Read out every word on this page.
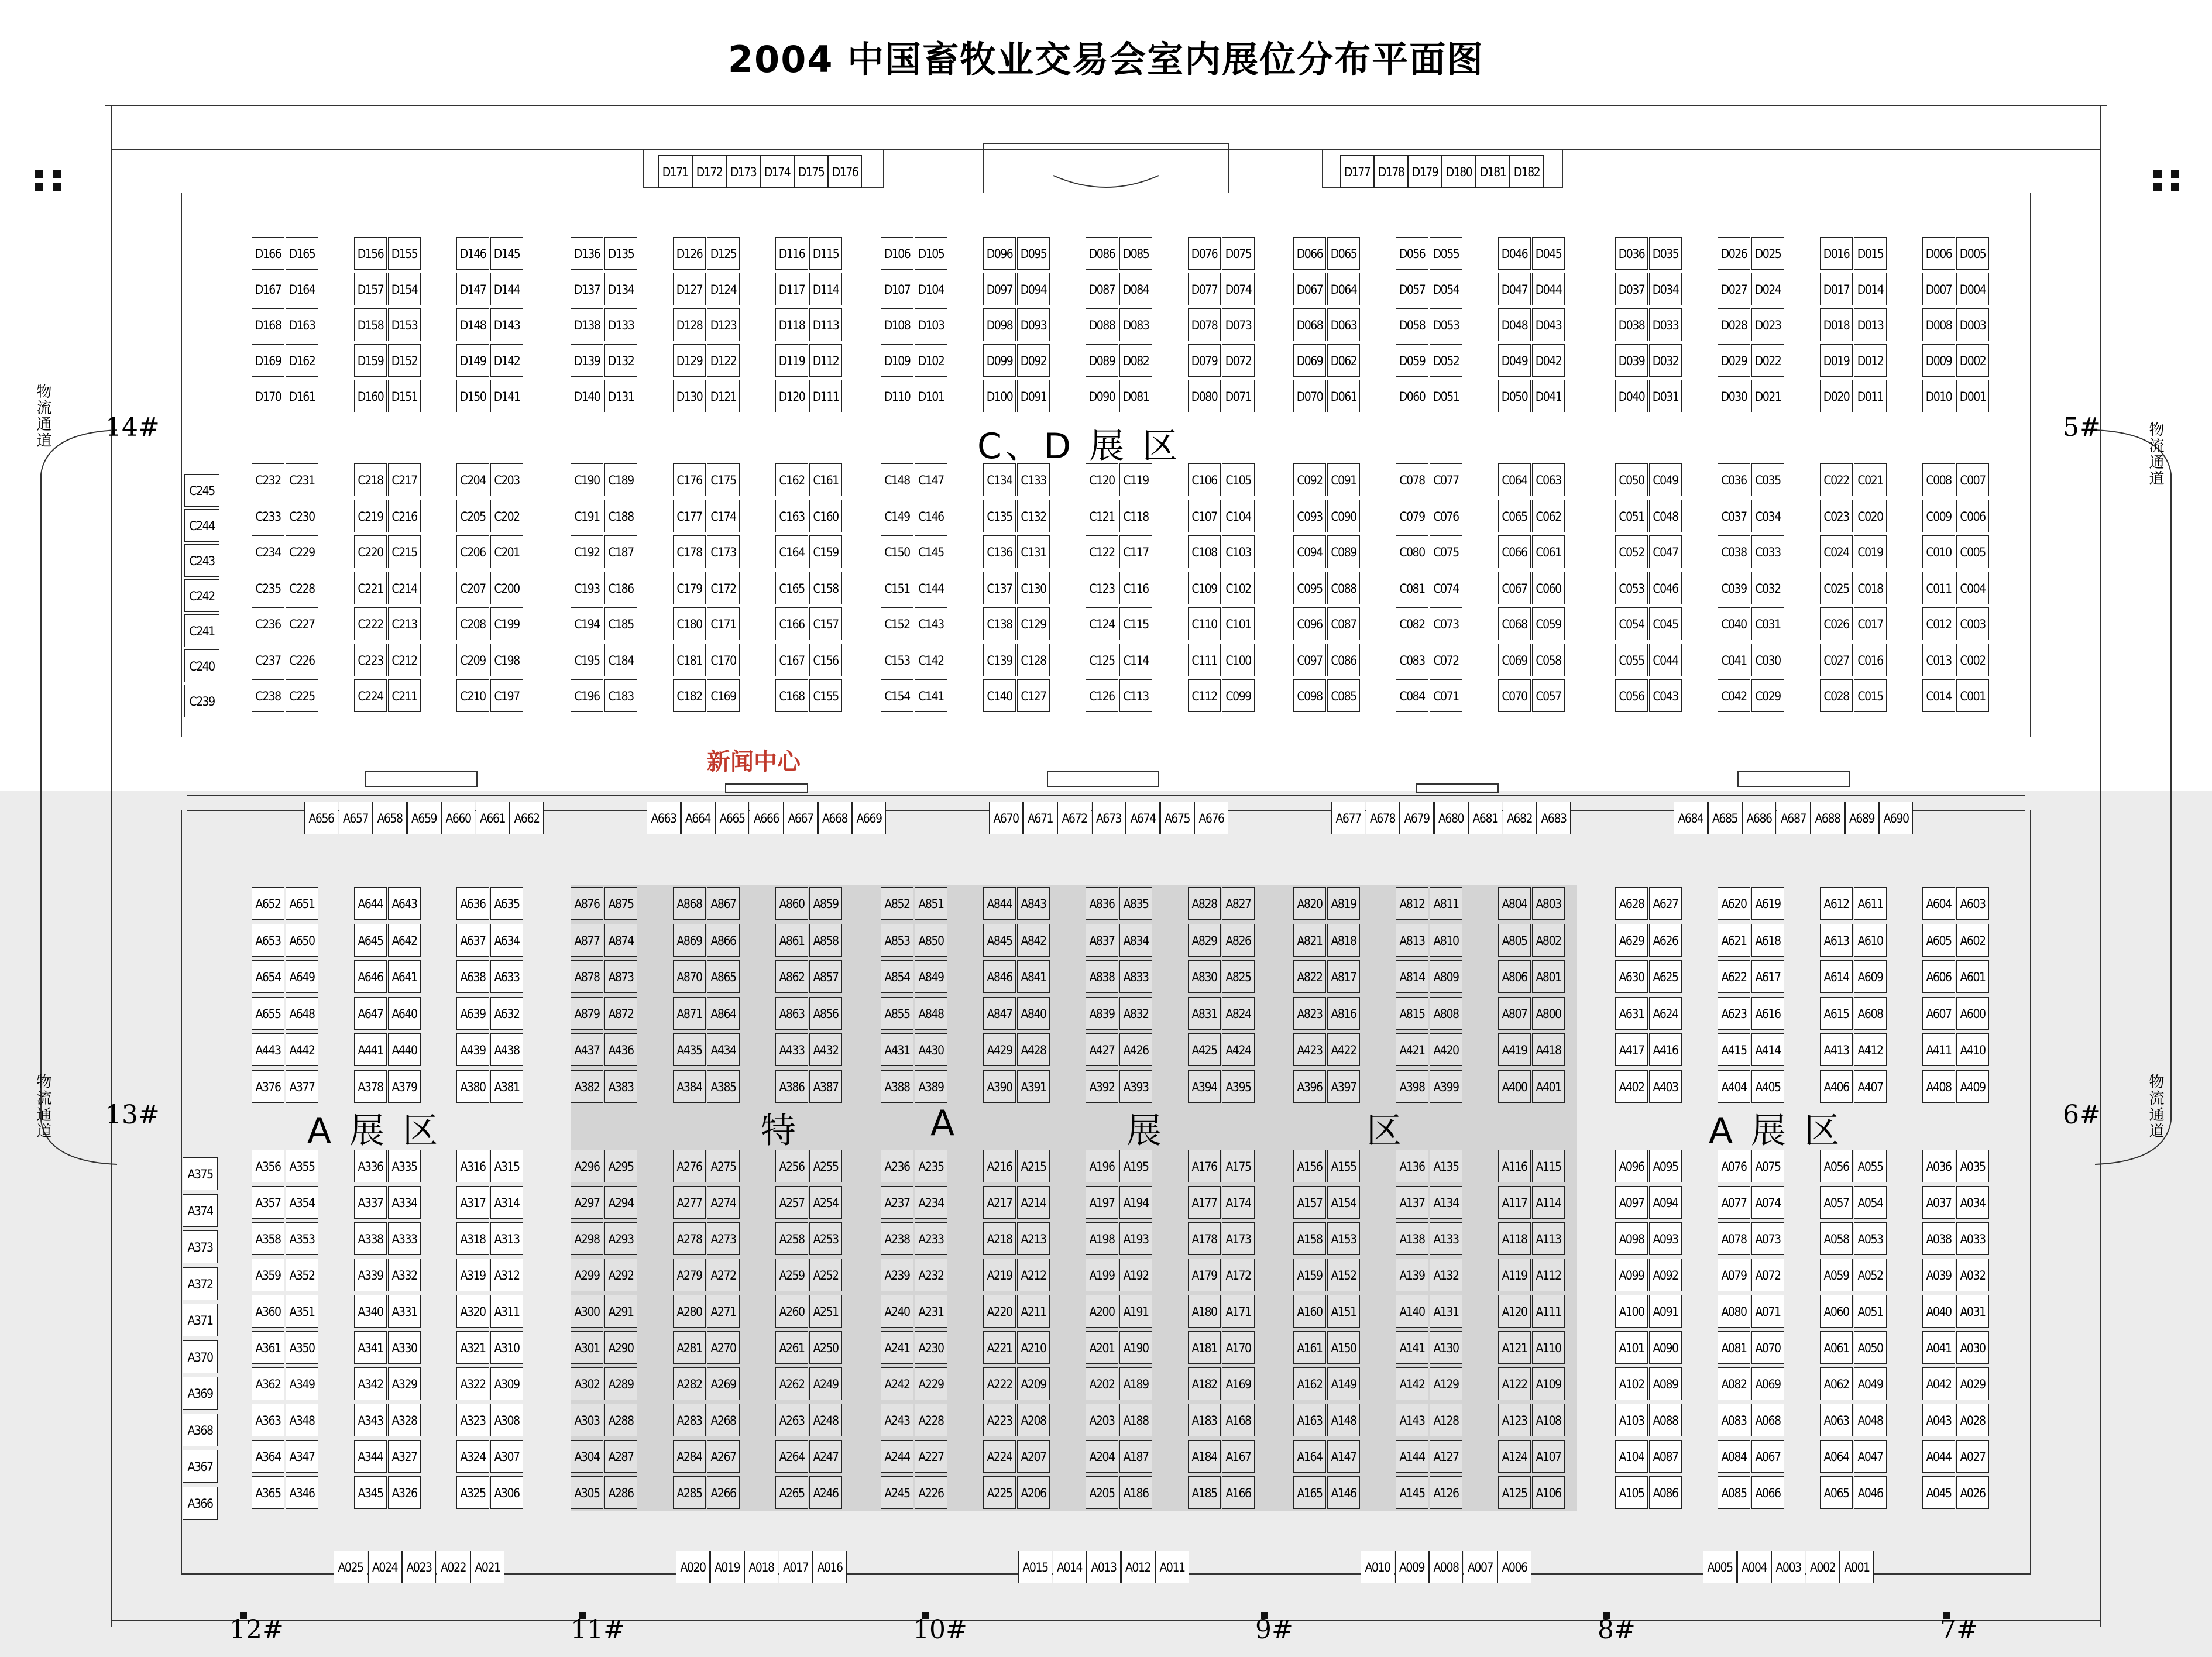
2004 中国畜牧业交易会室内展位分布平面图
D171 D172 D173 D174 D175 D176	D177 D178 D179 D180 D181 D182
D166 D165
D167 D164
D168 D163
D169 D162
D170 D161
D156 D155
D157 D154
D158 D153
D159 D152
D160 D151
D146 D145
D147 D144
D148 D143
D149 D142
D150 D141
D136 D135
D137 D134
D138 D133
D139 D132
D140 D131
D126 D125
D127 D124
D128 D123
D129 D122
D130 D121
D116 D115
D117 D114
D118 D113
D119 D112
D120 D111
D106 D105
D107 D104
D108 D103
D109 D102
D110 D101
D096 D095
D097 D094
D098 D093
D099 D092
D100 D091
D086 D085
D087 D084
D088 D083
D089 D082
D090 D081
D076 D075
D077 D074
D078 D073
D079 D072
D080 D071
D066 D065
D067 D064
D068 D063
D069 D062
D070 D061
D056 D055
D057 D054
D058 D053
D059 D052
D060 D051
D046 D045
D047 D044
D048 D043
D049 D042
D050 D041
D036 D035
D037 D034
D038 D033
D039 D032
D040 D031
D026 D025
D027 D024
D028 D023
D029 D022
D030 D021
D016 D015
D017 D014
D018 D013
D019 D012
D020 D011
D006 D005
D007 D004
D008 D003
D009 D002
D010 D001
C245
C244
C243
C242
C241
C240
C239
C232 C231
C233 C230
C234 C229
C235 C228
C236 C227
C237 C226
C238 C225
C218 C217
C219 C216
C220 C215
C221 C214
C222 C213
C223 C212
C224 C211
C204 C203
C205 C202
C206 C201
C207 C200
C208 C199
C209 C198
C210 C197
C190 C189
C191 C188
C192 C187
C193 C186
C194 C185
C195 C184
C196 C183
C176 C175
C177 C174
C178 C173
C179 C172
C180 C171
C181 C170
C182 C169
C162 C161
C163 C160
C164 C159
C165 C158
C166 C157
C167 C156
C168 C155
C148 C147
C149 C146
C150 C145
C151 C144
C152 C143
C153 C142
C154 C141
C134 C133
C135 C132
C136 C131
C137 C130
C138 C129
C139 C128
C140 C127
C120 C119
C121 C118
C122 C117
C123 C116
C124 C115
C125 C114
C126 C113
C106 C105
C107 C104
C108 C103
C109 C102
C110 C101
C111 C100
C112 C099
C092 C091
C093 C090
C094 C089
C095 C088
C096 C087
C097 C086
C098 C085
C078 C077
C079 C076
C080 C075
C081 C074
C082 C073
C083 C072
C084 C071
C064 C063
C065 C062
C066 C061
C067 C060
C068 C059
C069 C058
C070 C057
C050 C049
C051 C048
C052 C047
C053 C046
C054 C045
C055 C044
C056 C043
C036 C035
C037 C034
C038 C033
C039 C032
C040 C031
C041 C030
C042 C029
C022 C021
C023 C020
C024 C019
C025 C018
C026 C017
C027 C016
C028 C015
C008 C007
C009 C006
C010 C005
C011 C004
C012 C003
C013 C002
C014 C001
A656 A657 A658 A659 A660 A661 A662	A663 A664 A665 A666 A667 A668 A669	A670 A671 A672 A673 A674 A675 A676	A677 A678 A679 A680 A681 A682 A683	A684 A685 A686 A687 A688 A689 A690
A652 A651
A653 A650
A654 A649
A655 A648
A443 A442
A376 A377
A644 A643
A645 A642
A646 A641
A647 A640
A441 A440
A378 A379
A636 A635
A637 A634
A638 A633
A639 A632
A439 A438
A380 A381
A628 A627
A629 A626
A630 A625
A631 A624
A417 A416
A402 A403
A620 A619
A621 A618
A622 A617
A623 A616
A415 A414
A404 A405
A612 A611
A613 A610
A614 A609
A615 A608
A413 A412
A406 A407
A604 A603
A605 A602
A606 A601
A607 A600
A411 A410
A408 A409
A375
A374
A373
A372
A371
A370
A369
A368
A367
A366
A356 A355
A357 A354
A358 A353
A359 A352
A360 A351
A361 A350
A362 A349
A363 A348
A364 A347
A365 A346
A336 A335
A337 A334
A338 A333
A339 A332
A340 A331
A341 A330
A342 A329
A343 A328
A344 A327
A345 A326
A316 A315
A317 A314
A318 A313
A319 A312
A320 A311
A321 A310
A322 A309
A323 A308
A324 A307
A325 A306
A096 A095
A097 A094
A098 A093
A099 A092
A100 A091
A101 A090
A102 A089
A103 A088
A104 A087
A105 A086
A076 A075
A077 A074
A078 A073
A079 A072
A080 A071
A081 A070
A082 A069
A083 A068
A084 A067
A085 A066
A056 A055
A057 A054
A058 A053
A059 A052
A060 A051
A061 A050
A062 A049
A063 A048
A064 A047
A065 A046
A036 A035
A037 A034
A038 A033
A039 A032
A040 A031
A041 A030
A042 A029
A043 A028
A044 A027
A045 A026
A025 A024 A023 A022 A021	A020 A019 A018 A017 A016	A015 A014 A013 A012 A011	A010 A009 A008 A007 A006	A005 A004 A003 A002 A001
A876 A875
A877 A874
A878 A873
A879 A872
A437 A436
A382 A383
A868 A867
A869 A866
A870 A865
A871 A864
A435 A434
A384 A385
A860 A859
A861 A858
A862 A857
A863 A856
A433 A432
A386 A387
A852 A851
A853 A850
A854 A849
A855 A848
A431 A430
A388 A389
A844 A843
A845 A842
A846 A841
A847 A840
A429 A428
A390 A391
A836 A835
A837 A834
A838 A833
A839 A832
A427 A426
A392 A393
A828 A827
A829 A826
A830 A825
A831 A824
A425 A424
A394 A395
A820 A819
A821 A818
A822 A817
A823 A816
A423 A422
A396 A397
A812 A811
A813 A810
A814 A809
A815 A808
A421 A420
A398 A399
A804 A803
A805 A802
A806 A801
A807 A800
A419 A418
A400 A401
A296 A295
A297 A294
A298 A293
A299 A292
A300 A291
A301 A290
A302 A289
A303 A288
A304 A287
A305 A286
A276 A275
A277 A274
A278 A273
A279 A272
A280 A271
A281 A270
A282 A269
A283 A268
A284 A267
A285 A266
A256 A255
A257 A254
A258 A253
A259 A252
A260 A251
A261 A250
A262 A249
A263 A248
A264 A247
A265 A246
A236 A235
A237 A234
A238 A233
A239 A232
A240 A231
A241 A230
A242 A229
A243 A228
A244 A227
A245 A226
A216 A215
A217 A214
A218 A213
A219 A212
A220 A211
A221 A210
A222 A209
A223 A208
A224 A207
A225 A206
A196 A195
A197 A194
A198 A193
A199 A192
A200 A191
A201 A190
A202 A189
A203 A188
A204 A187
A205 A186
A176 A175
A177 A174
A178 A173
A179 A172
A180 A171
A181 A170
A182 A169
A183 A168
A184 A167
A185 A166
A156 A155
A157 A154
A158 A153
A159 A152
A160 A151
A161 A150
A162 A149
A163 A148
A164 A147
A165 A146
A136 A135
A137 A134
A138 A133
A139 A132
A140 A131
A141 A130
A142 A129
A143 A128
A144 A127
A145 A126
A116 A115
A117 A114
A118 A113
A119 A112
A120 A111
A121 A110
A122 A109
A123 A108
A124 A107
A125 A106
C、D 展 区
A 展 区	特	A	展	区	A 展 区
新闻中心
物流通道
物流通道
物流通道
物流通道
14#
13#
12#	11#	10#	9#	8#	7#
6#
5#
